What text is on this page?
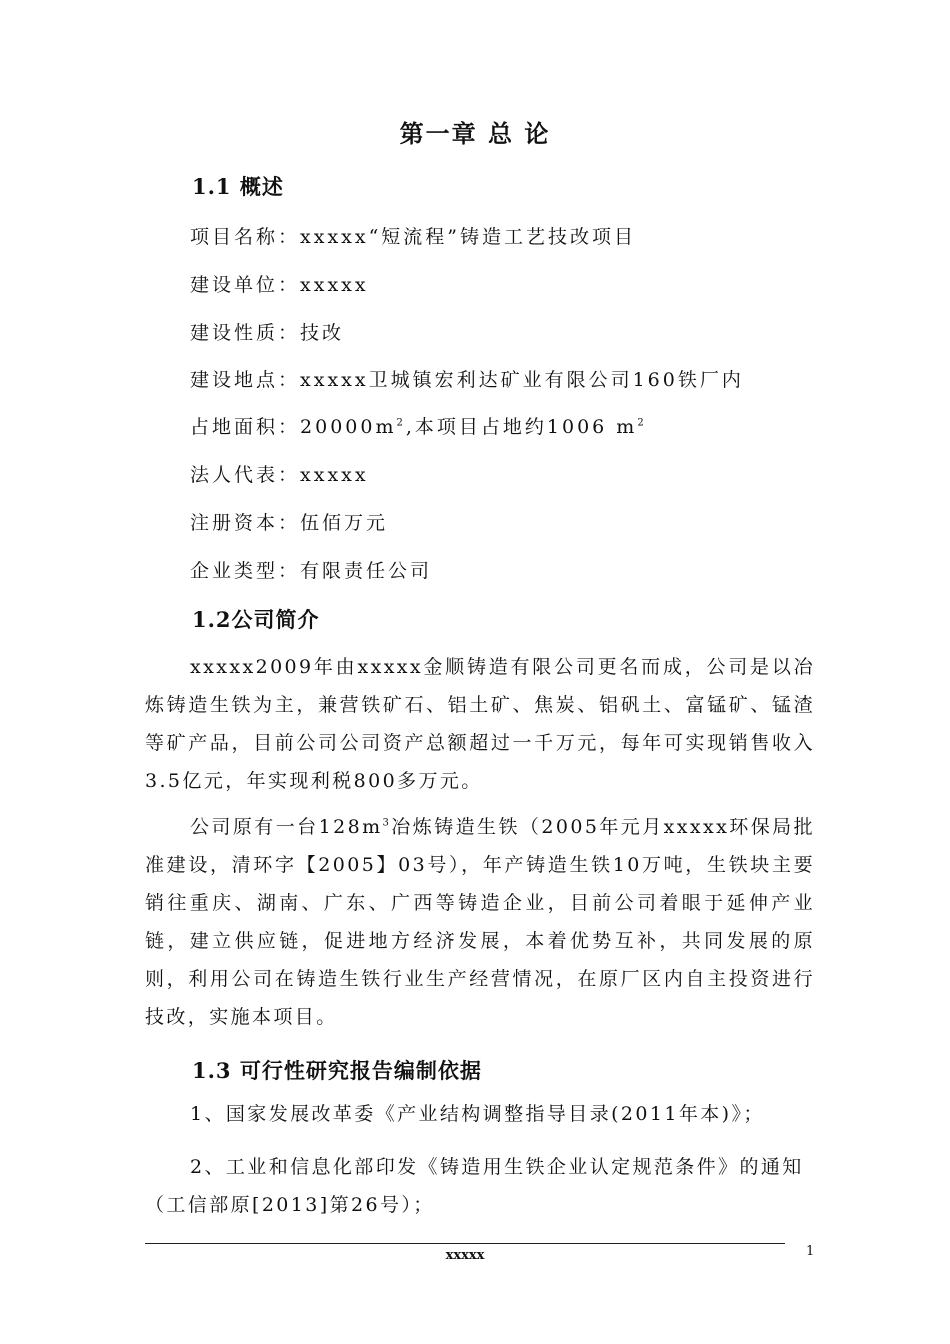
第一章 总 论
1.1 概述

项目名称：xxxxx“短流程”铸造工艺技改项目

建设单位：xxxxx

建设性质：技改

建设地点：xxxxx卫城镇宏利达矿业有限公司160铁厂内

占地面积：$20000m^2$,本项目占地约1006 $m^2$

法人代表：xxxxx

注册资本：伍佰万元

企业类型：有限责任公司

1.2公司简介

xxxxx2009年由xxxxx金顺铸造有限公司更名而成，公司是以冶炼铸造生铁为主，兼营铁矿石、铝土矿、焦炭、铝矾土、富锰矿、锰渣等矿产品，目前公司公司资产总额超过一千万元，每年可实现销售收入3.5亿元，年实现利税800多万元。

公司原有一台$128m^3$冶炼铸造生铁（2005年元月xxxxx环保局批准建设，清环字【2005】03号），年产铸造生铁10万吨，生铁块主要销往重庆、湖南、广东、广西等铸造企业，目前公司着眼于延伸产业链，建立供应链，促进地方经济发展，本着优势互补，共同发展的原则，利用公司在铸造生铁行业生产经营情况，在原厂区内自主投资进行技改，实施本项目。

1.3 可行性研究报告编制依据

1、国家发展改革委《产业结构调整指导目录(2011年本)》；

2、工业和信息化部印发《铸造用生铁企业认定规范条件》的通知（工信部原[2013]第26号）；

xxxxx	1
